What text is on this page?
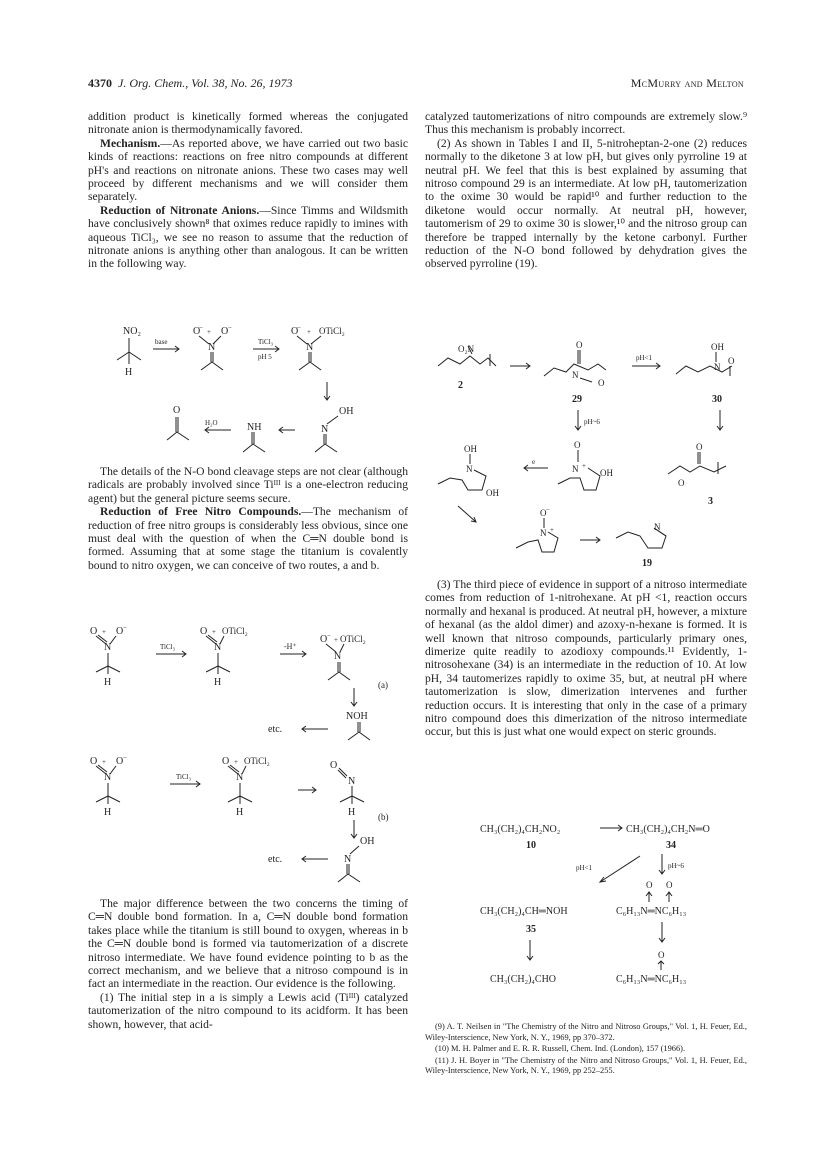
4370 J. Org. Chem., Vol. 38, No. 26, 1973	McMurry and Melton

addition product is kinetically formed whereas the conjugated nitronate anion is thermodynamically favored.

Mechanism.—As reported above, we have carried out two basic kinds of reactions: reactions on free nitro compounds at different pH's and reactions on nitronate anions. These two cases may well proceed by different mechanisms and we will consider them separately.

Reduction of Nitronate Anions.—Since Timms and Wildsmith have conclusively shown⁸ that oximes reduce rapidly to imines with aqueous TiCl₃, we see no reason to assume that the reduction of nitronate anions is anything other than analogous. It can be written in the following way.

NO₂
H
base
O
− + O −
N	TiCl₃
pH 5
O
− + OTiCl₂
N
O
H₂O	NH
OH
N

The details of the N-O bond cleavage steps are not clear (although radicals are probably involved since Tiᴵᴵᴵ is a one-electron reducing agent) but the general picture seems secure.

Reduction of Free Nitro Compounds.—The mechanism of reduction of free nitro groups is considerably less obvious, since one must deal with the question of when the C═N double bond is formed. Assuming that at some stage the titanium is covalently bound to nitro oxygen, we can conceive of two routes, a and b.

O + O −
N
H
TiCl₃
O + OTiCl₂
N
H
-H⁺
O − + OTiCl₂
N
(a)
etc.
NOH
O + O −
N
H
TiCl₃
O + OTiCl₂
N
H
O
N
H	(b)
etc.
OH
N

The major difference between the two concerns the timing of C═N double bond formation. In a, C═N double bond formation takes place while the titanium is still bound to oxygen, whereas in b the C═N double bond is formed via tautomerization of a discrete nitroso intermediate. We have found evidence pointing to b as the correct mechanism, and we believe that a nitroso compound is in fact an intermediate in the reaction. Our evidence is the following.

(1) The initial step in a is simply a Lewis acid (Tiᴵᴵᴵ) catalyzed tautomerization of the nitro compound to its acidform. It has been shown, however, that acid-

catalyzed tautomerizations of nitro compounds are extremely slow.⁹ Thus this mechanism is probably incorrect.

(2) As shown in Tables I and II, 5-nitroheptan-2-one (2) reduces normally to the diketone 3 at low pH, but gives only pyrroline 19 at neutral pH. We feel that this is best explained by assuming that nitroso compound 29 is an intermediate. At low pH, tautomerization to the oxime 30 would be rapid¹⁰ and further reduction to the diketone would occur normally. At neutral pH, however, tautomerism of 29 to oxime 30 is slower,¹⁰ and the nitroso group can therefore be trapped internally by the ketone carbonyl. Further reduction of the N-O bond followed by dehydration gives the observed pyrroline (19).

O₂N
2
O
N
O
29
pH<1
OH
N
O
30
pH~6
OH
N
OH
e
O
N +
OH
O
O
3
O −
N +	N
19

(3) The third piece of evidence in support of a nitroso intermediate comes from reduction of 1-nitrohexane. At pH <1, reaction occurs normally and hexanal is produced. At neutral pH, however, a mixture of hexanal (as the aldol dimer) and azoxy-n-hexane is formed. It is well known that nitroso compounds, particularly primary ones, dimerize quite readily to azodioxy compounds.¹¹ Evidently, 1-nitrosohexane (34) is an intermediate in the reduction of 10. At low pH, 34 tautomerizes rapidly to oxime 35, but, at neutral pH where tautomerization is slow, dimerization intervenes and further reduction occurs. It is interesting that only in the case of a primary nitro compound does this dimerization of the nitroso intermediate occur, but this is just what one would expect on steric grounds.

CH₃(CH₂)₄CH₂NO₂
10
CH₃(CH₂)₄CH₂N═O
34
pH~6
pH<1
O O
C₆H₁₃N═NC₆H₁₃
CH₃(CH₂)₄CH═NOH
35
O
CH₃(CH₂)₄CHO	C₆H₁₃N═NC₆H₁₃

(9) A. T. Neilsen in "The Chemistry of the Nitro and Nitroso Groups," Vol. 1, H. Feuer, Ed., Wiley-Interscience, New York, N. Y., 1969, pp 370–372.

(10) M. H. Palmer and E. R. R. Russell, Chem. Ind. (London), 157 (1966).

(11) J. H. Boyer in "The Chemistry of the Nitro and Nitroso Groups," Vol. 1, H. Feuer, Ed., Wiley-Interscience, New York, N. Y., 1969, pp 252–255.
